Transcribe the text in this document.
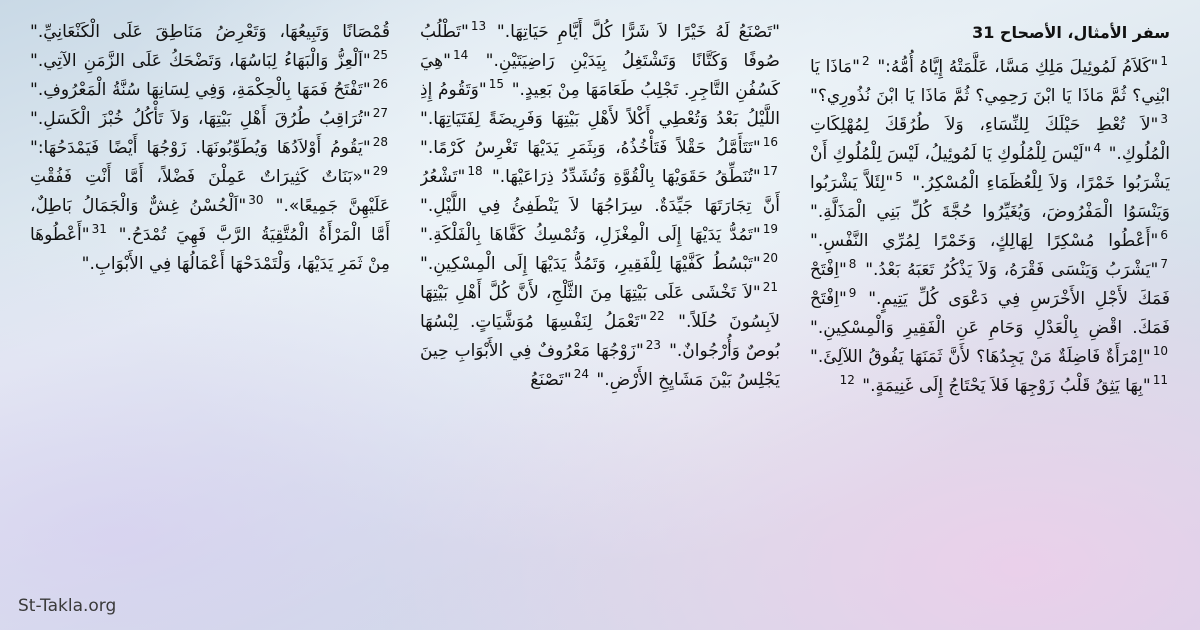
سفر الأمثال، الأصحاح 31
$^1$"كَلاَمُ لَمُوئِيلَ مَلِكِ مَسَّا، عَلَّمَتْهُ إِيَّاهُ أُمُّهُ:" $^2$"مَاذَا يَا ابْنِي؟ ثُمَّ مَاذَا يَا ابْنَ رَحِمِي؟ ثُمَّ مَاذَا يَا ابْنَ نُذُورِي؟" $^3$"لاَ تُعْطِ حَيْلَكَ لِلنِّسَاءِ، وَلاَ طُرُقَكَ لِمُهْلِكَاتِ الْمُلُوكِ." $^4$"لَيْسَ لِلْمُلُوكِ يَا لَمُوئِيلُ، لَيْسَ لِلْمُلُوكِ أَنْ يَشْرَبُوا خَمْرًا، وَلاَ لِلْعُظَمَاءِ الْمُسْكِرُ." $^5$"لِئَلاَّ يَشْرَبُوا وَيَنْسَوُا الْمَفْرُوضَ، وَيُغَيِّرُوا حُجَّةَ كُلِّ بَنِي الْمَذَلَّةِ." $^6$"أَعْطُوا مُسْكِرًا لِهَالِكٍ، وَخَمْرًا لِمُرِّي النَّفْسِ." $^7$"يَشْرَبُ وَيَنْسَى فَقْرَهُ، وَلاَ يَذْكُرُ تَعَبَهُ بَعْدُ." $^8$"اِفْتَحْ فَمَكَ لأَجْلِ الأَخْرَسِ فِي دَعْوَى كُلِّ يَتِيمٍ." $^9$"اِفْتَحْ فَمَكَ. اقْضِ بِالْعَدْلِ وَحَامِ عَنِ الْفَقِيرِ وَالْمِسْكِينِ." $^{10}$"اِمْرَأَةٌ فَاضِلَةٌ مَنْ يَجِدُهَا؟ لأَنَّ ثَمَنَهَا يَفُوقُ اللآلِئَ." $^{11}$"بِهَا يَثِقُ قَلْبُ زَوْجِهَا فَلاَ يَحْتَاجُ إِلَى غَنِيمَةٍ." $^{12}$
"تَصْنَعُ لَهُ خَيْرًا لاَ شَرًّا كُلَّ أَيَّامِ حَيَاتِهَا." $^{13}$"تَطْلُبُ صُوفًا وَكَتَّانًا وَتَشْتَغِلُ بِيَدَيْنِ رَاضِيَتَيْنِ." $^{14}$"هِيَ كَسُفُنِ التَّاجِرِ. تَجْلِبُ طَعَامَهَا مِنْ بَعِيدٍ." $^{15}$"وَتَقُومُ إِذِ اللَّيْلُ بَعْدُ وَتُعْطِي أَكْلاً لأَهْلِ بَيْتِهَا وَفَرِيضَةً لِفَتَيَاتِهَا." $^{16}$"تَتَأَمَّلُ حَقْلاً فَتَأْخُذُهُ، وَبِثَمَرِ يَدَيْهَا تَغْرِسُ كَرْمًا." $^{17}$"تُنَطِّقُ حَقَوَيْهَا بِالْقُوَّةِ وَتُشَدِّدُ ذِرَاعَيْهَا." $^{18}$"تَشْعُرُ أَنَّ تِجَارَتَهَا جَيِّدَةٌ. سِرَاجُهَا لاَ يَنْطَفِئُ فِي اللَّيْلِ." $^{19}$"تَمُدُّ يَدَيْهَا إِلَى الْمِغْزَلِ، وَتُمْسِكُ كَفَّاهَا بِالْفَلْكَةِ." $^{20}$"تَبْسُطُ كَفَّيْهَا لِلْفَقِيرِ، وَتَمُدُّ يَدَيْهَا إِلَى الْمِسْكِينِ." $^{21}$"لاَ تَخْشَى عَلَى بَيْتِهَا مِنَ الثَّلْجِ، لأَنَّ كُلَّ أَهْلِ بَيْتِهَا لاَبِسُونَ حُلَلاً." $^{22}$"تَعْمَلُ لِنَفْسِهَا مُوَشَّيَاتٍ. لِبْسُهَا بُوصٌ وَأُرْجُوانٌ." $^{23}$"زَوْجُهَا مَعْرُوفٌ فِي الأَبْوَابِ حِينَ يَجْلِسُ بَيْنَ مَشَايِخِ الأَرْضِ." $^{24}$"تَصْنَعُ
قُمْصَانًا وَتَبِيعُهَا، وَتَعْرِضُ مَنَاطِقَ عَلَى الْكَنْعَانِيِّ." $^{25}$"اَلْعِزُّ وَالْبَهَاءُ لِبَاسُهَا، وَتَضْحَكُ عَلَى الزَّمَنِ الآتِي." $^{26}$"تَفْتَحُ فَمَهَا بِالْحِكْمَةِ، وَفِي لِسَانِهَا سُنَّةُ الْمَعْرُوفِ." $^{27}$"تُرَاقِبُ طُرُقَ أَهْلِ بَيْتِهَا، وَلاَ تَأْكُلُ خُبْزَ الْكَسَلِ." $^{28}$"يَقُومُ أَوْلاَدُهَا وَيُطَوِّبُونَهَا. زَوْجُهَا أَيْضًا فَيَمْدَحُهَا:" $^{29}$"«بَنَاتٌ كَثِيرَاتٌ عَمِلْنَ فَضْلاً، أَمَّا أَنْتِ فَفُقْتِ عَلَيْهِنَّ جَمِيعًا»." $^{30}$"اَلْحُسْنُ غِشٌّ وَالْجَمَالُ بَاطِلٌ، أَمَّا الْمَرْأَةُ الْمُتَّقِيَةُ الرَّبَّ فَهِيَ تُمْدَحُ." $^{31}$"أَعْطُوهَا مِنْ ثَمَرِ يَدَيْهَا، وَلْتَمْدَحْهَا أَعْمَالُهَا فِي الأَبْوَابِ."
St-Takla.org
